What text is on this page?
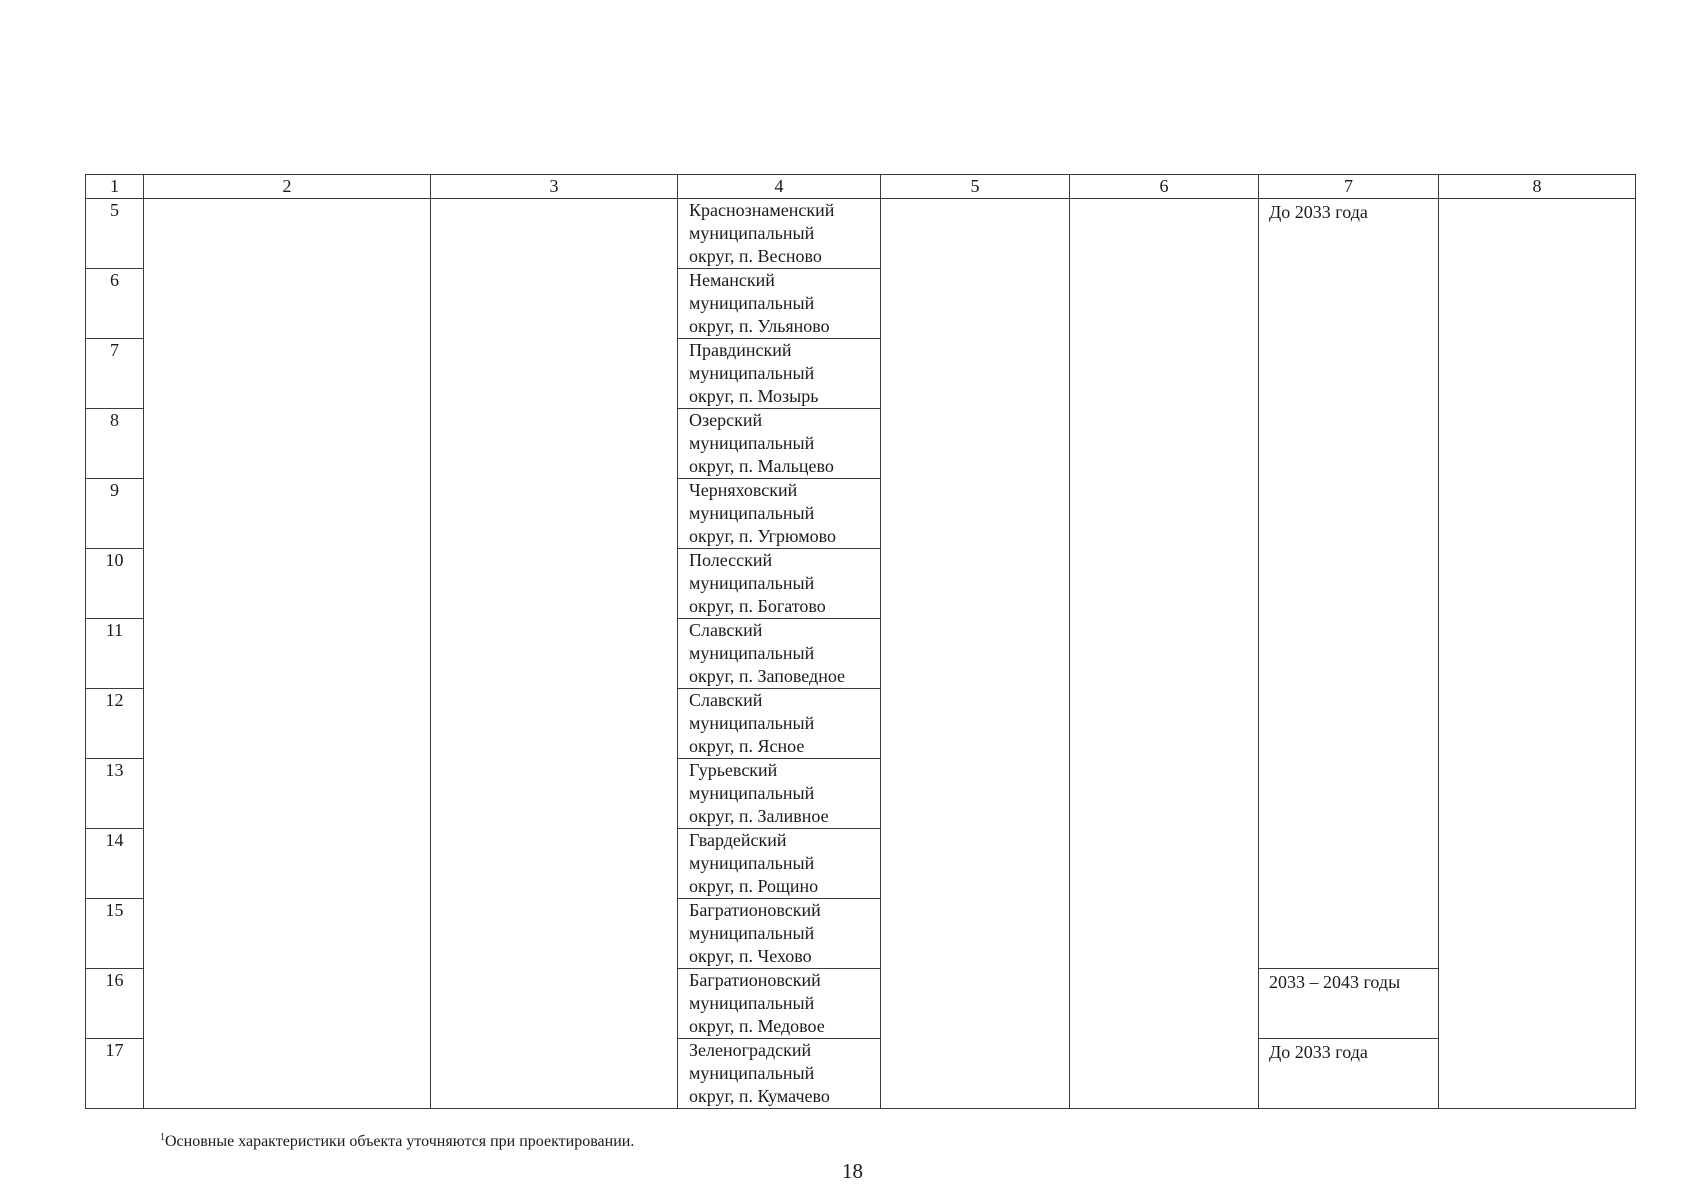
1	2	3	4	5	6	7	8
5			Краснознаменский
муниципальный
округ, п. Весново			До 2033 года	
6			Неманский
муниципальный
округ, п. Ульяново				
7			Правдинский
муниципальный
округ, п. Мозырь				
8			Озерский
муниципальный
округ, п. Мальцево				
9			Черняховский
муниципальный
округ, п. Угрюмово				
10			Полесский
муниципальный
округ, п. Богатово				
11			Славский
муниципальный
округ, п. Заповедное				
12			Славский
муниципальный
округ, п. Ясное				
13			Гурьевский
муниципальный
округ, п. Заливное				
14			Гвардейский
муниципальный
округ, п. Рощино				
15			Багратионовский
муниципальный
округ, п. Чехово				
16			Багратионовский
муниципальный
округ, п. Медовое			2033 – 2043 годы	
17			Зеленоградский
муниципальный
округ, п. Кумачево			До 2033 года	
$^1$Основные характеристики объекта уточняются при проектировании.
18
